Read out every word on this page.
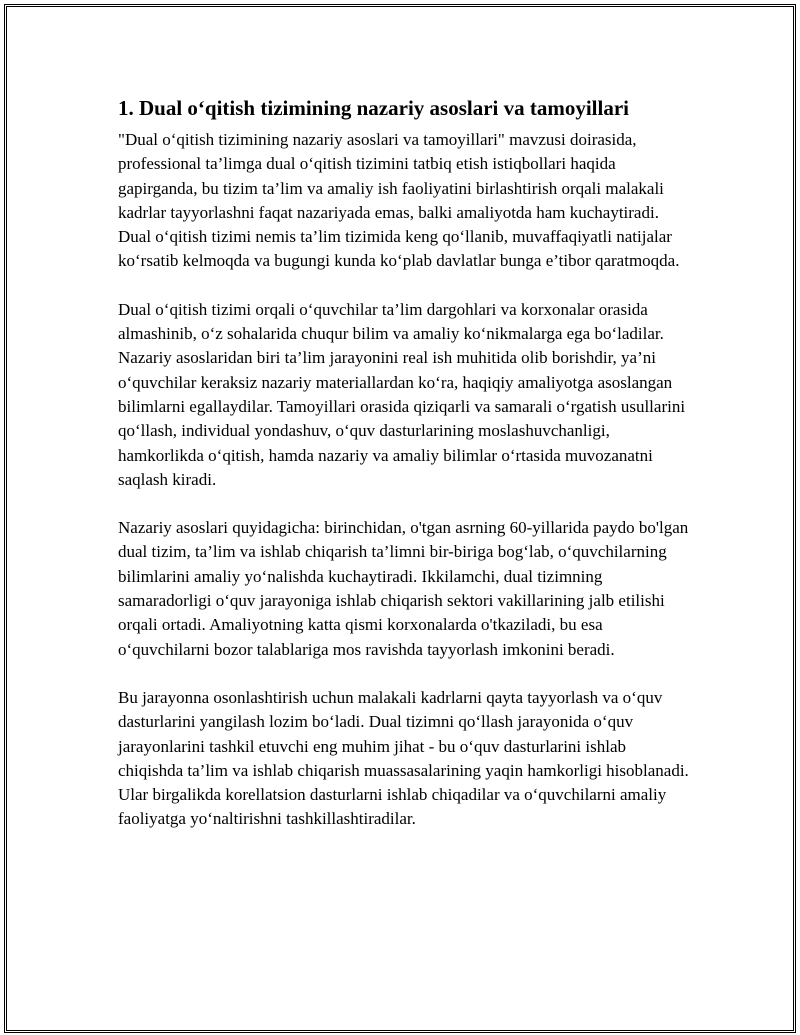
1. Dual o‘qitish tizimining nazariy asoslari va tamoyillari

"Dual o‘qitish tizimining nazariy asoslari va tamoyillari" mavzusi doirasida, professional ta’limga dual o‘qitish tizimini tatbiq etish istiqbollari haqida gapirganda, bu tizim ta’lim va amaliy ish faoliyatini birlashtirish orqali malakali kadrlar tayyorlashni faqat nazariyada emas, balki amaliyotda ham kuchaytiradi. Dual o‘qitish tizimi nemis ta’lim tizimida keng qo‘llanib, muvaffaqiyatli natijalar ko‘rsatib kelmoqda va bugungi kunda ko‘plab davlatlar bunga e’tibor qaratmoqda.

Dual o‘qitish tizimi orqali o‘quvchilar ta’lim dargohlari va korxonalar orasida almashinib, o‘z sohalarida chuqur bilim va amaliy ko‘nikmalarga ega bo‘ladilar. Nazariy asoslaridan biri ta’lim jarayonini real ish muhitida olib borishdir, ya’ni o‘quvchilar keraksiz nazariy materiallardan ko‘ra, haqiqiy amaliyotga asoslangan bilimlarni egallaydilar. Tamoyillari orasida qiziqarli va samarali o‘rgatish usullarini qo‘llash, individual yondashuv, o‘quv dasturlarining moslashuvchanligi, hamkorlikda o‘qitish, hamda nazariy va amaliy bilimlar o‘rtasida muvozanatni saqlash kiradi.

Nazariy asoslari quyidagicha: birinchidan, o'tgan asrning 60-yillarida paydo bo'lgan dual tizim, ta’lim va ishlab chiqarish ta’limni bir-biriga bog‘lab, o‘quvchilarning bilimlarini amaliy yo‘nalishda kuchaytiradi. Ikkilamchi, dual tizimning samaradorligi o‘quv jarayoniga ishlab chiqarish sektori vakillarining jalb etilishi orqali ortadi. Amaliyotning katta qismi korxonalarda o'tkaziladi, bu esa o‘quvchilarni bozor talablariga mos ravishda tayyorlash imkonini beradi.

Bu jarayonna osonlashtirish uchun malakali kadrlarni qayta tayyorlash va o‘quv dasturlarini yangilash lozim bo‘ladi. Dual tizimni qo‘llash jarayonida o‘quv jarayonlarini tashkil etuvchi eng muhim jihat - bu o‘quv dasturlarini ishlab chiqishda ta’lim va ishlab chiqarish muassasalarining yaqin hamkorligi hisoblanadi. Ular birgalikda korellatsion dasturlarni ishlab chiqadilar va o‘quvchilarni amaliy faoliyatga yo‘naltirishni tashkillashtiradilar.
